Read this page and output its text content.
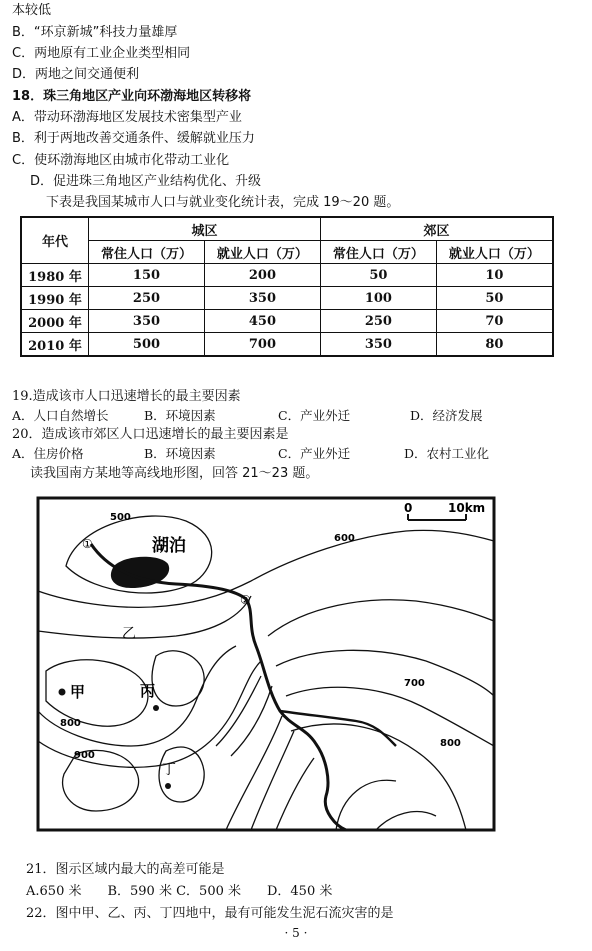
本较低
B．“环京新城”科技力量雄厚
C．两地原有工业企业类型相同
D．两地之间交通便利
18．珠三角地区产业向环渤海地区转移将
A．带动环渤海地区发展技术密集型产业
B．利于两地改善交通条件、缓解就业压力
C．使环渤海地区由城市化带动工业化
D．促进珠三角地区产业结构优化、升级
下表是我国某城市人口与就业变化统计表，完成 19～20 题。
年代	城区		郊区	
	常住人口（万）	就业人口（万）	常住人口（万）	就业人口（万）
1980 年	150	200	50	10
1990 年	250	350	100	50
2000 年	350	450	250	70
2010 年	500	700	350	80
19.造成该市人口迅速增长的最主要因素
A．人口自然增长	B．环境因素	C．产业外迁	D．经济发展
20．造成该市郊区人口迅速增长的最主要因素是
A．住房价格	B．环境因素	C．产业外迁	D．农村工业化
读我国南方某地等高线地形图，回答 21～23 题。
0	10km
湖泊
①
②
甲
乙
丙
丁
500
600
700
800
800
900
21．图示区域内最大的高差可能是
A.650 米　　B．590 米 C．500 米　　D．450 米
22．图中甲、乙、丙、丁四地中，最有可能发生泥石流灾害的是
· 5 ·
